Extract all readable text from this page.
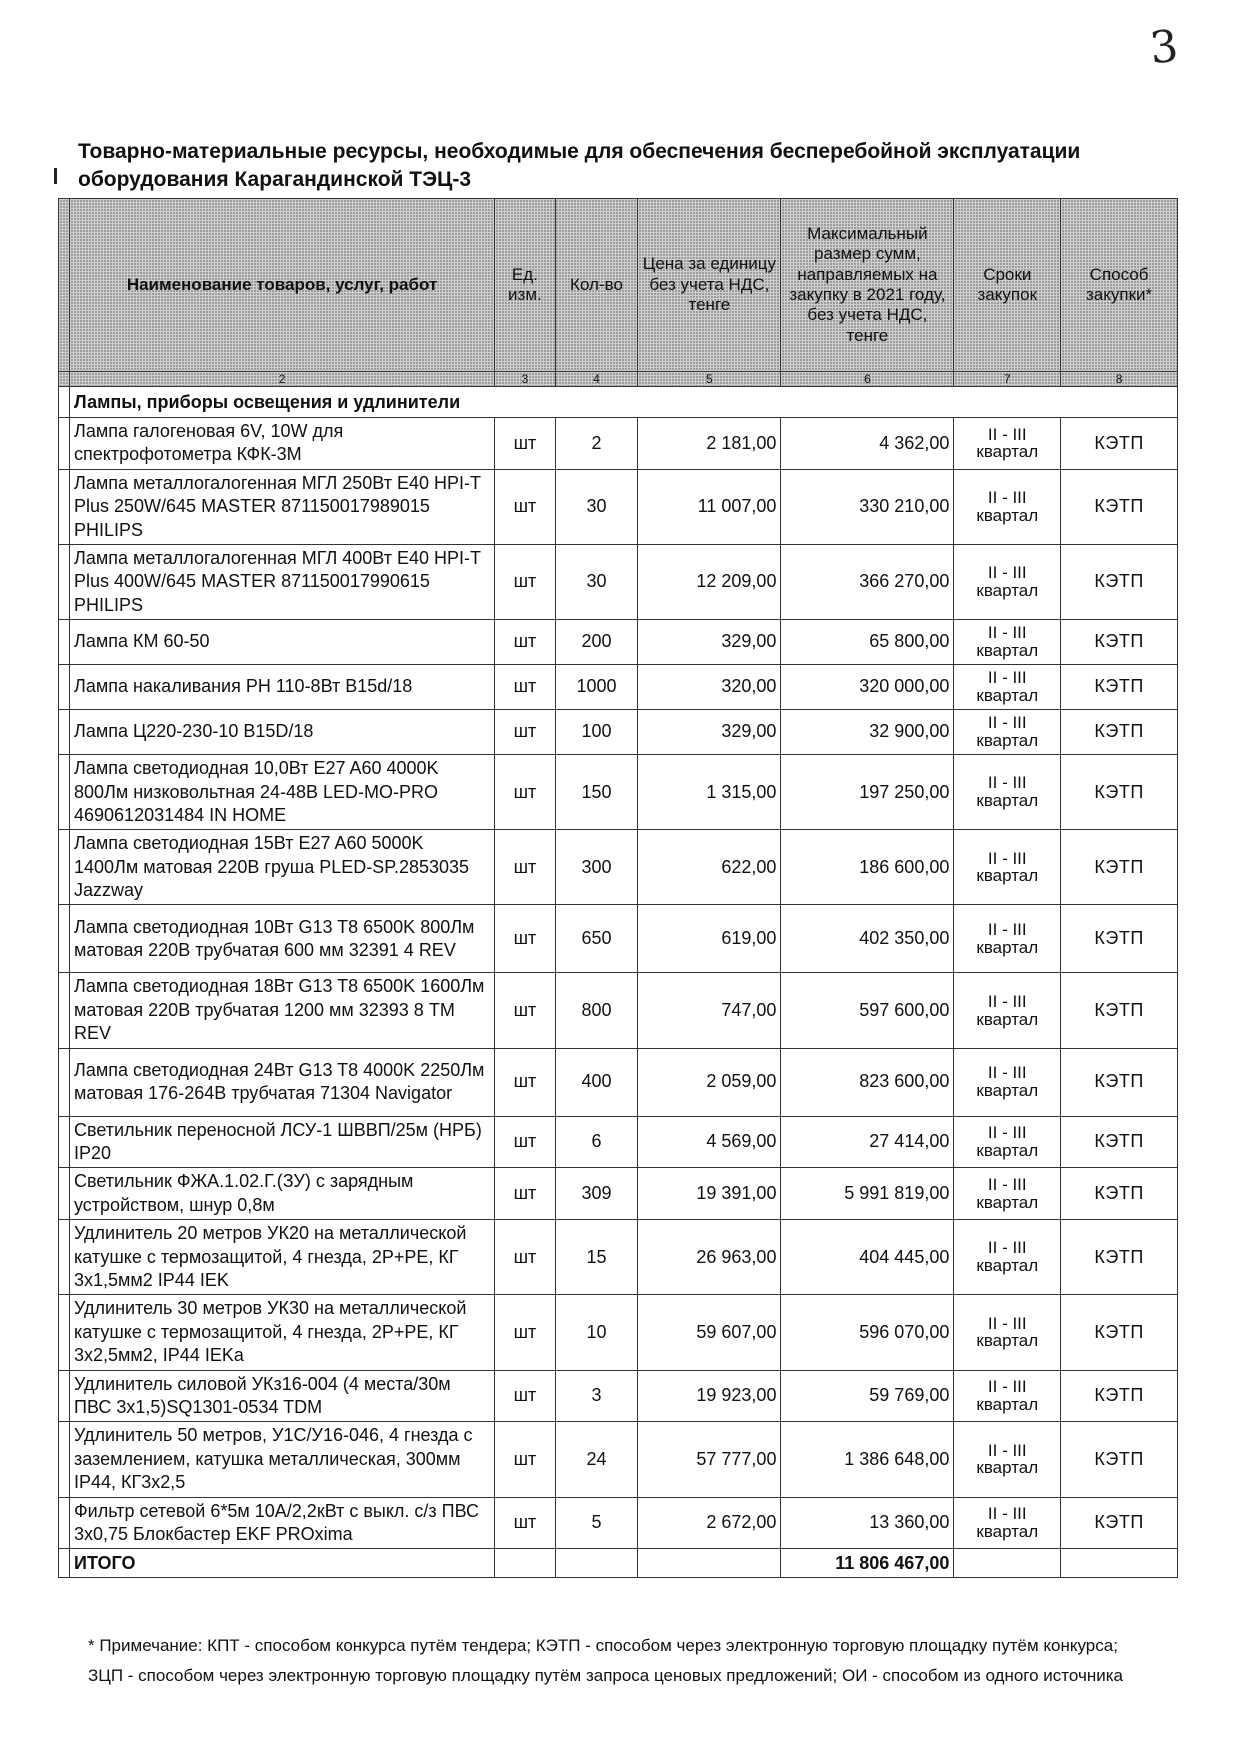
3
Товарно-материальные ресурсы, необходимые для обеспечения бесперебойной эксплуатации оборудования Карагандинской ТЭЦ-3
	Наименование товаров, услуг, работ	Ед. изм.	Кол-во	Цена за единицу без учета НДС, тенге	Максимальный размер сумм, направляемых на закупку в 2021 году, без учета НДС, тенге	Сроки закупок	Способ закупки*
	2	3	4	5	6	7	8
	Лампы, приборы освещения и удлинители						
	Лампа галогеновая 6V, 10W для спектрофотометра КФК-3М	шт	2	2 181,00	4 362,00	II - III квартал	КЭТП
	Лампа металлогалогенная МГЛ 250Вт E40 HPI-T Plus 250W/645 MASTER 871150017989015 PHILIPS	шт	30	11 007,00	330 210,00	II - III квартал	КЭТП
	Лампа металлогалогенная МГЛ 400Вт E40 HPI-T Plus 400W/645 MASTER 871150017990615 PHILIPS	шт	30	12 209,00	366 270,00	II - III квартал	КЭТП
	Лампа КМ 60-50	шт	200	329,00	65 800,00	II - III квартал	КЭТП
	Лампа накаливания РН 110-8Вт B15d/18	шт	1000	320,00	320 000,00	II - III квартал	КЭТП
	Лампа Ц220-230-10 B15D/18	шт	100	329,00	32 900,00	II - III квартал	КЭТП
	Лампа светодиодная 10,0Вт E27 A60 4000K 800Лм низковольтная 24-48В LED-MO-PRO 4690612031484 IN HOME	шт	150	1 315,00	197 250,00	II - III квартал	КЭТП
	Лампа светодиодная 15Вт E27 A60 5000K 1400Лм матовая 220В груша PLED-SP.2853035 Jazzway	шт	300	622,00	186 600,00	II - III квартал	КЭТП
	Лампа светодиодная 10Вт G13 T8 6500K 800Лм матовая 220В трубчатая 600 мм 32391 4 REV	шт	650	619,00	402 350,00	II - III квартал	КЭТП
	Лампа светодиодная 18Вт G13 T8 6500K 1600Лм матовая 220В трубчатая 1200 мм 32393 8 TM REV	шт	800	747,00	597 600,00	II - III квартал	КЭТП
	Лампа светодиодная 24Вт G13 T8 4000K 2250Лм матовая 176-264В трубчатая 71304 Navigator	шт	400	2 059,00	823 600,00	II - III квартал	КЭТП
	Светильник переносной ЛСУ-1 ШВВП/25м (НРБ) IP20	шт	6	4 569,00	27 414,00	II - III квартал	КЭТП
	Светильник ФЖА.1.02.Г.(ЗУ) с зарядным устройством, шнур 0,8м	шт	309	19 391,00	5 991 819,00	II - III квартал	КЭТП
	Удлинитель 20 метров УК20 на металлической катушке с термозащитой, 4 гнезда, 2P+PE, КГ 3х1,5мм2 IP44 IEK	шт	15	26 963,00	404 445,00	II - III квартал	КЭТП
	Удлинитель 30 метров УК30 на металлической катушке с термозащитой, 4 гнезда, 2P+PE, КГ 3х2,5мм2, IP44 IEKa	шт	10	59 607,00	596 070,00	II - III квартал	КЭТП
	Удлинитель силовой УКз16-004 (4 места/30м ПВС 3х1,5)SQ1301-0534 TDM	шт	3	19 923,00	59 769,00	II - III квартал	КЭТП
	Удлинитель 50 метров, У1С/У16-046, 4 гнезда с заземлением, катушка металлическая, 300мм IP44, КГ3х2,5	шт	24	57 777,00	1 386 648,00	II - III квартал	КЭТП
	Фильтр сетевой 6*5м 10А/2,2кВт с выкл. с/з ПВС 3х0,75 Блокбастер EKF PROxima	шт	5	2 672,00	13 360,00	II - III квартал	КЭТП
	ИТОГО				11 806 467,00		

* Примечание: КПТ - способом конкурса путём тендера; КЭТП - способом через электронную торговую площадку путём конкурса; ЗЦП - способом через электронную торговую площадку путём запроса ценовых предложений; ОИ - способом из одного источника
